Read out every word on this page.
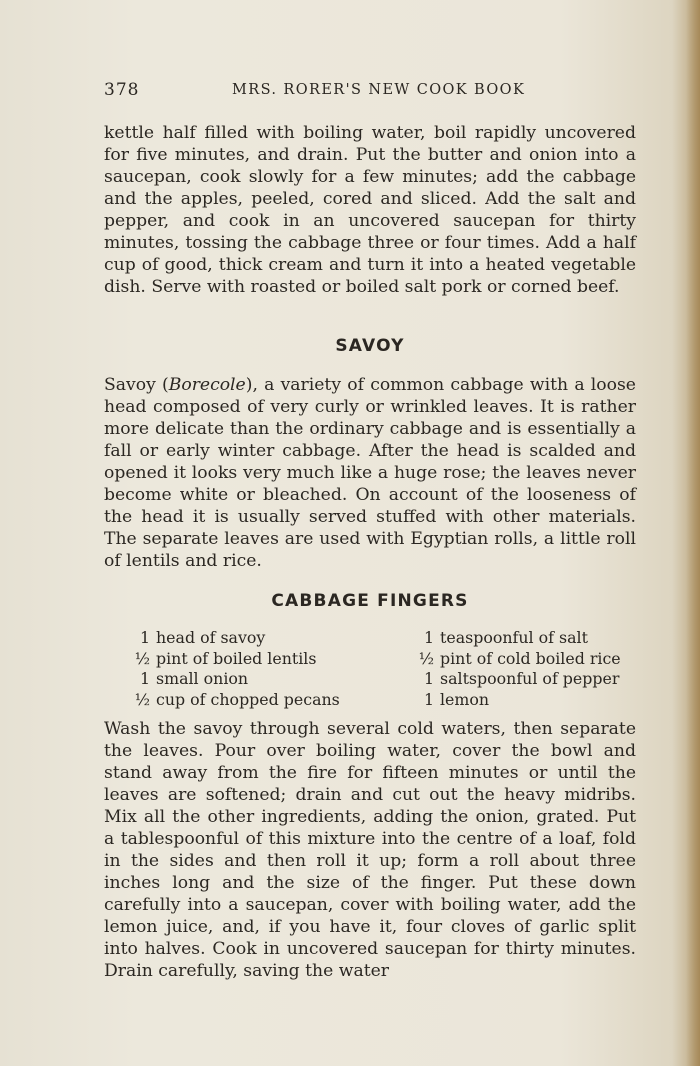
378	MRS. RORER'S NEW COOK BOOK

kettle half filled with boiling water, boil rapidly uncovered for five minutes, and drain. Put the butter and onion into a saucepan, cook slowly for a few minutes; add the cabbage and the apples, peeled, cored and sliced. Add the salt and pepper, and cook in an uncovered saucepan for thirty minutes, tossing the cabbage three or four times. Add a half cup of good, thick cream and turn it into a heated vegetable dish. Serve with roasted or boiled salt pork or corned beef.

SAVOY

Savoy (Borecole), a variety of common cabbage with a loose head composed of very curly or wrinkled leaves. It is rather more delicate than the ordinary cabbage and is essentially a fall or early winter cabbage. After the head is scalded and opened it looks very much like a huge rose; the leaves never become white or bleached. On account of the looseness of the head it is usually served stuffed with other materials. The separate leaves are used with Egyptian rolls, a little roll of lentils and rice.

CABBAGE FINGERS
1 head of savoy
½ pint of boiled lentils
1 small onion
½ cup of chopped pecans
1 teaspoonful of salt
½ pint of cold boiled rice
1 saltspoonful of pepper
1 lemon

Wash the savoy through several cold waters, then separate the leaves. Pour over boiling water, cover the bowl and stand away from the fire for fifteen minutes or until the leaves are softened; drain and cut out the heavy midribs. Mix all the other ingredients, adding the onion, grated. Put a tablespoonful of this mixture into the centre of a loaf, fold in the sides and then roll it up; form a roll about three inches long and the size of the finger. Put these down carefully into a saucepan, cover with boiling water, add the lemon juice, and, if you have it, four cloves of garlic split into halves. Cook in uncovered saucepan for thirty minutes. Drain carefully, saving the water
